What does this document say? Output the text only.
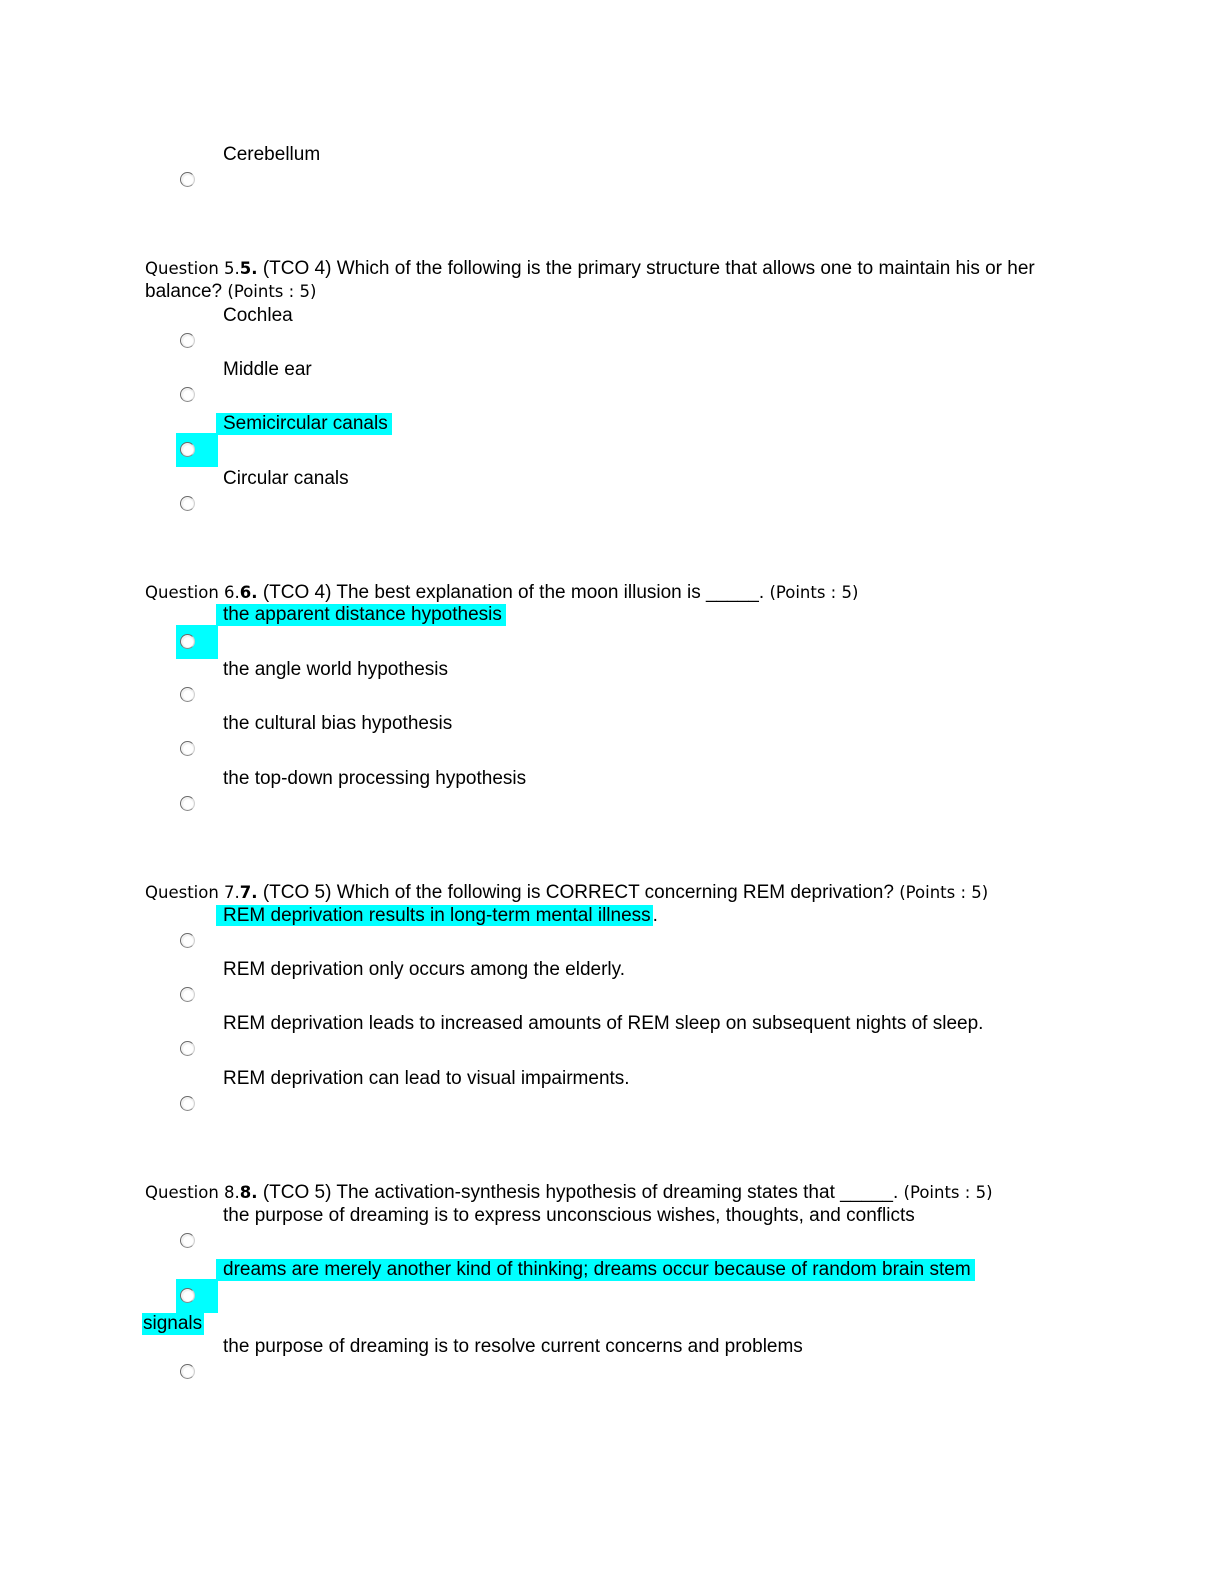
Cerebellum
Question 5.5. (TCO 4) Which of the following is the primary structure that allows one to maintain his or her balance? (Points : 5)
Cochlea
Middle ear
Semicircular canals
Circular canals
Question 6.6. (TCO 4) The best explanation of the moon illusion is _____. (Points : 5)
the apparent distance hypothesis
the angle world hypothesis
the cultural bias hypothesis
the top-down processing hypothesis
Question 7.7. (TCO 5) Which of the following is CORRECT concerning REM deprivation? (Points : 5)
REM deprivation results in long-term mental illness .
REM deprivation only occurs among the elderly.
REM deprivation leads to increased amounts of REM sleep on subsequent nights of sleep.
REM deprivation can lead to visual impairments.
Question 8.8. (TCO 5) The activation-synthesis hypothesis of dreaming states that _____. (Points : 5)
the purpose of dreaming is to express unconscious wishes, thoughts, and conflicts
dreams are merely another kind of thinking; dreams occur because of random brain stem
signals
the purpose of dreaming is to resolve current concerns and problems
